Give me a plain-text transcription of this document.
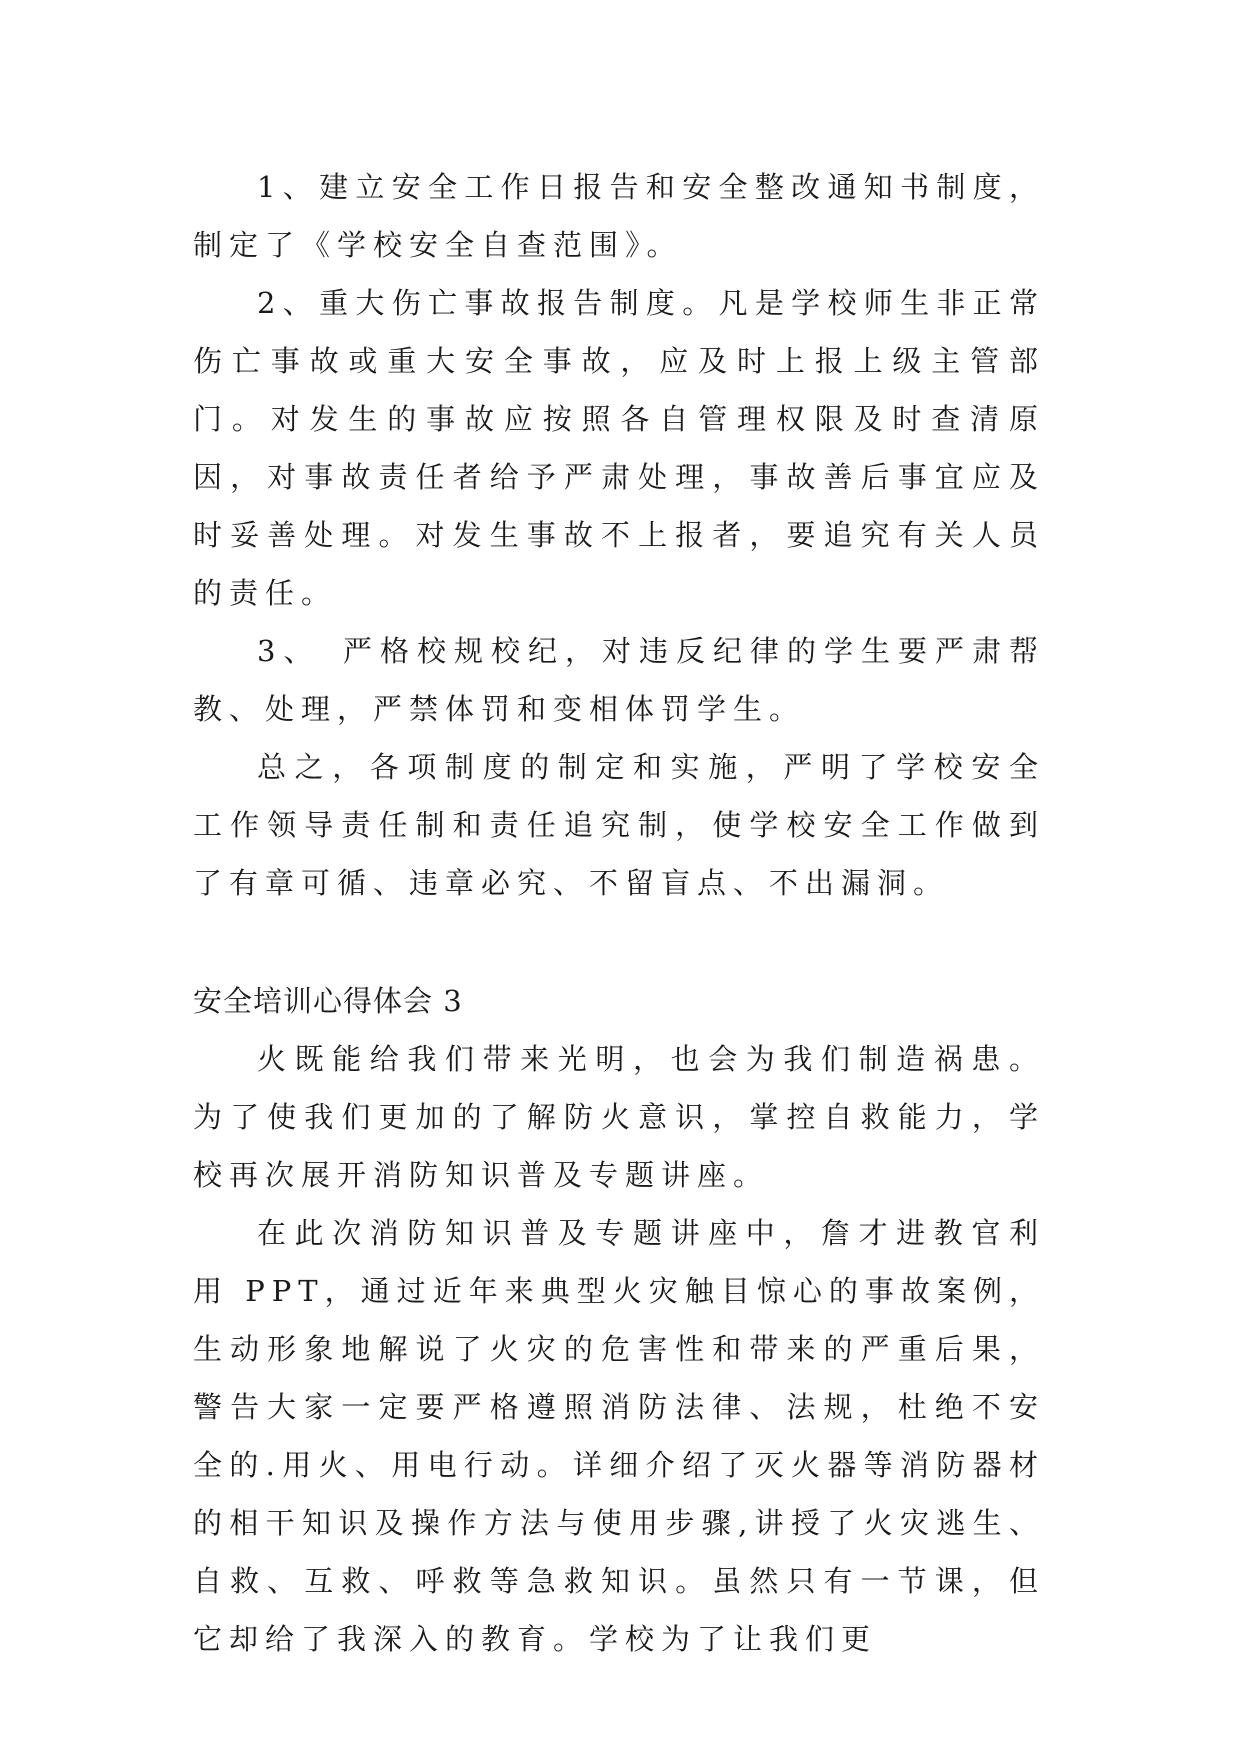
1、建立安全工作日报告和安全整改通知书制度，制定了《学校安全自查范围》。

2、重大伤亡事故报告制度。凡是学校师生非正常伤亡事故或重大安全事故，应及时上报上级主管部门。对发生的事故应按照各自管理权限及时查清原因，对事故责任者给予严肃处理，事故善后事宜应及时妥善处理。对发生事故不上报者，要追究有关人员的责任。

3、　严格校规校纪，对违反纪律的学生要严肃帮教、处理，严禁体罚和变相体罚学生。

总之，各项制度的制定和实施，严明了学校安全工作领导责任制和责任追究制，使学校安全工作做到了有章可循、违章必究、不留盲点、不出漏洞。

安全培训心得体会 3

火既能给我们带来光明，也会为我们制造祸患。为了使我们更加的了解防火意识，掌控自救能力，学校再次展开消防知识普及专题讲座。

在此次消防知识普及专题讲座中，詹才进教官利用 PPT，通过近年来典型火灾触目惊心的事故案例，生动形象地解说了火灾的危害性和带来的严重后果，警告大家一定要严格遵照消防法律、法规，杜绝不安全的.用火、用电行动。详细介绍了灭火器等消防器材的相干知识及操作方法与使用步骤,讲授了火灾逃生、自救、互救、呼救等急救知识。虽然只有一节课，但它却给了我深入的教育。学校为了让我们更
